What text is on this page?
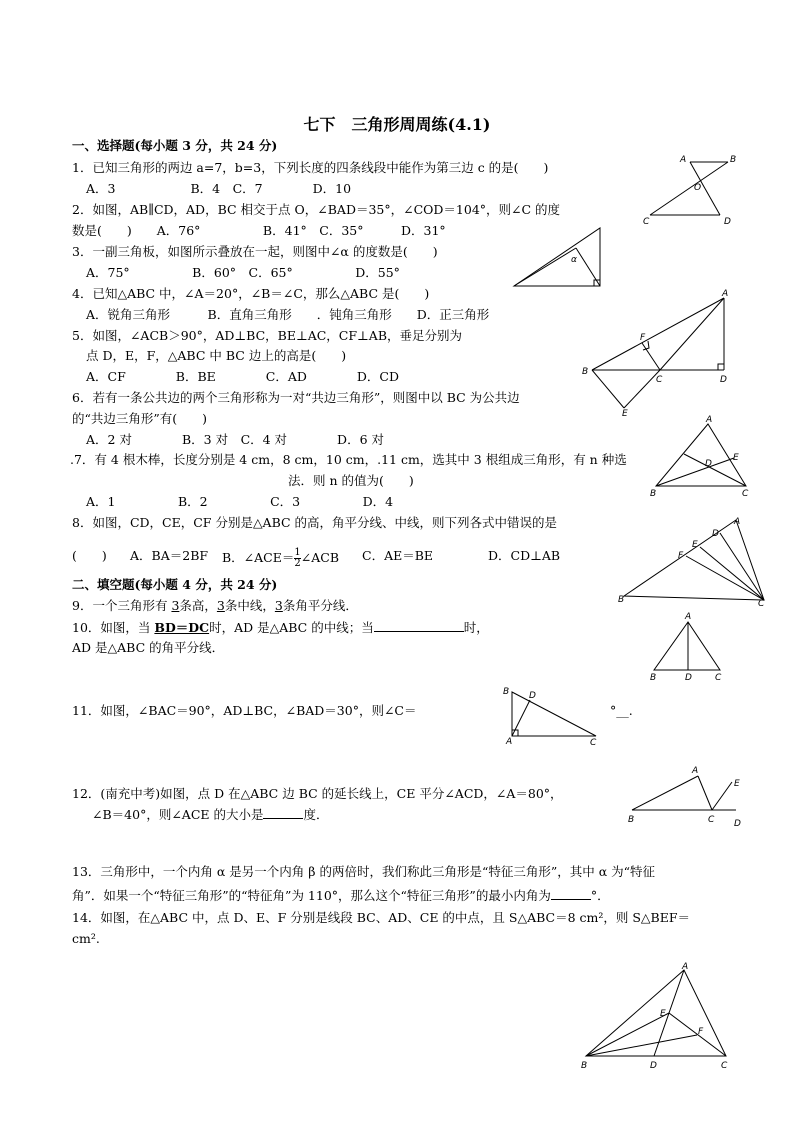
七下　三角形周周练(4.1)
一、选择题(每小题 3 分，共 24 分)
1．已知三角形的两边 a=7，b=3，下列长度的四条线段中能作为第三边 c 的是(　　)
A．3　　　　　　B．4　C．7　　　　D．10
2．如图，AB∥CD，AD，BC 相交于点 O，∠BAD＝35°，∠COD＝104°，则∠C 的度
数是(　　)　　A．76°　　　　　B．41°　C．35°　　　D．31°
3．一副三角板，如图所示叠放在一起，则图中∠α 的度数是(　　)
A．75°　　　　　B．60°　C．65°　　　　　D．55°
4．已知△ABC 中，∠A＝20°，∠B＝∠C，那么△ABC 是(　　)
A．锐角三角形　　　B．直角三角形　　．钝角三角形　　D．正三角形
5．如图，∠ACB＞90°，AD⊥BC，BE⊥AC，CF⊥AB，垂足分别为
点 D，E，F，△ABC 中 BC 边上的高是(　　)
A．CF　　　　B．BE　　　　C．AD　　　　D．CD
6．若有一条公共边的两个三角形称为一对“共边三角形”，则图中以 BC 为公共边
的“共边三角形”有(　　)
A．2 对　　　　B．3 对　C．4 对　　　　D．6 对
.7．有 4 根木棒，长度分别是 4 cm，8 cm，10 cm，.11 cm，选其中 3 根组成三角形，有 n 种选
法．则 n 的值为(　　)
A．1　　　　　B．2　　　　　C．3　　　　　D．4
8．如图，CD，CE，CF 分别是△ABC 的高，角平分线、中线，则下列各式中错误的是
(　　) A．BA＝2BF B．∠ACE＝ $\frac{1}{2}$ ∠ACB C．AE＝BE	D．CD⊥AB
二、填空题(每小题 4 分，共 24 分)
9．一个三角形有 3条高，3条中线，3条角平分线．
10．如图，当 BD＝DC时，AD 是△ABC 的中线；当	时，
AD 是△ABC 的角平分线．
11．如图，∠BAC＝90°，AD⊥BC，∠BAD＝30°，则∠C＝	°__.
12．(南充中考)如图，点 D 在△ABC 边 BC 的延长线上，CE 平分∠ACD，∠A＝80°，
∠B＝40°，则∠ACE 的大小是	度．
13．三角形中，一个内角 α 是另一个内角 β 的两倍时，我们称此三角形是“特征三角形”，其中 α 为“特征
角”．如果一个“特征三角形”的“特征角”为 110°，那么这个“特征三角形”的最小内角为	°．
14．如图，在△ABC 中，点 D、E、F 分别是线段 BC、AD、CE 的中点，且 S△ABC＝8 cm²，则 S△BEF＝
cm².
A	B
O
C	D
α
A
F
B
C	D
E
A
E
D
B	C
A
D
E
F
B	C
A
B	D	C
B D
A	C
A
E
B	C D
A
E
F
B	D	C
